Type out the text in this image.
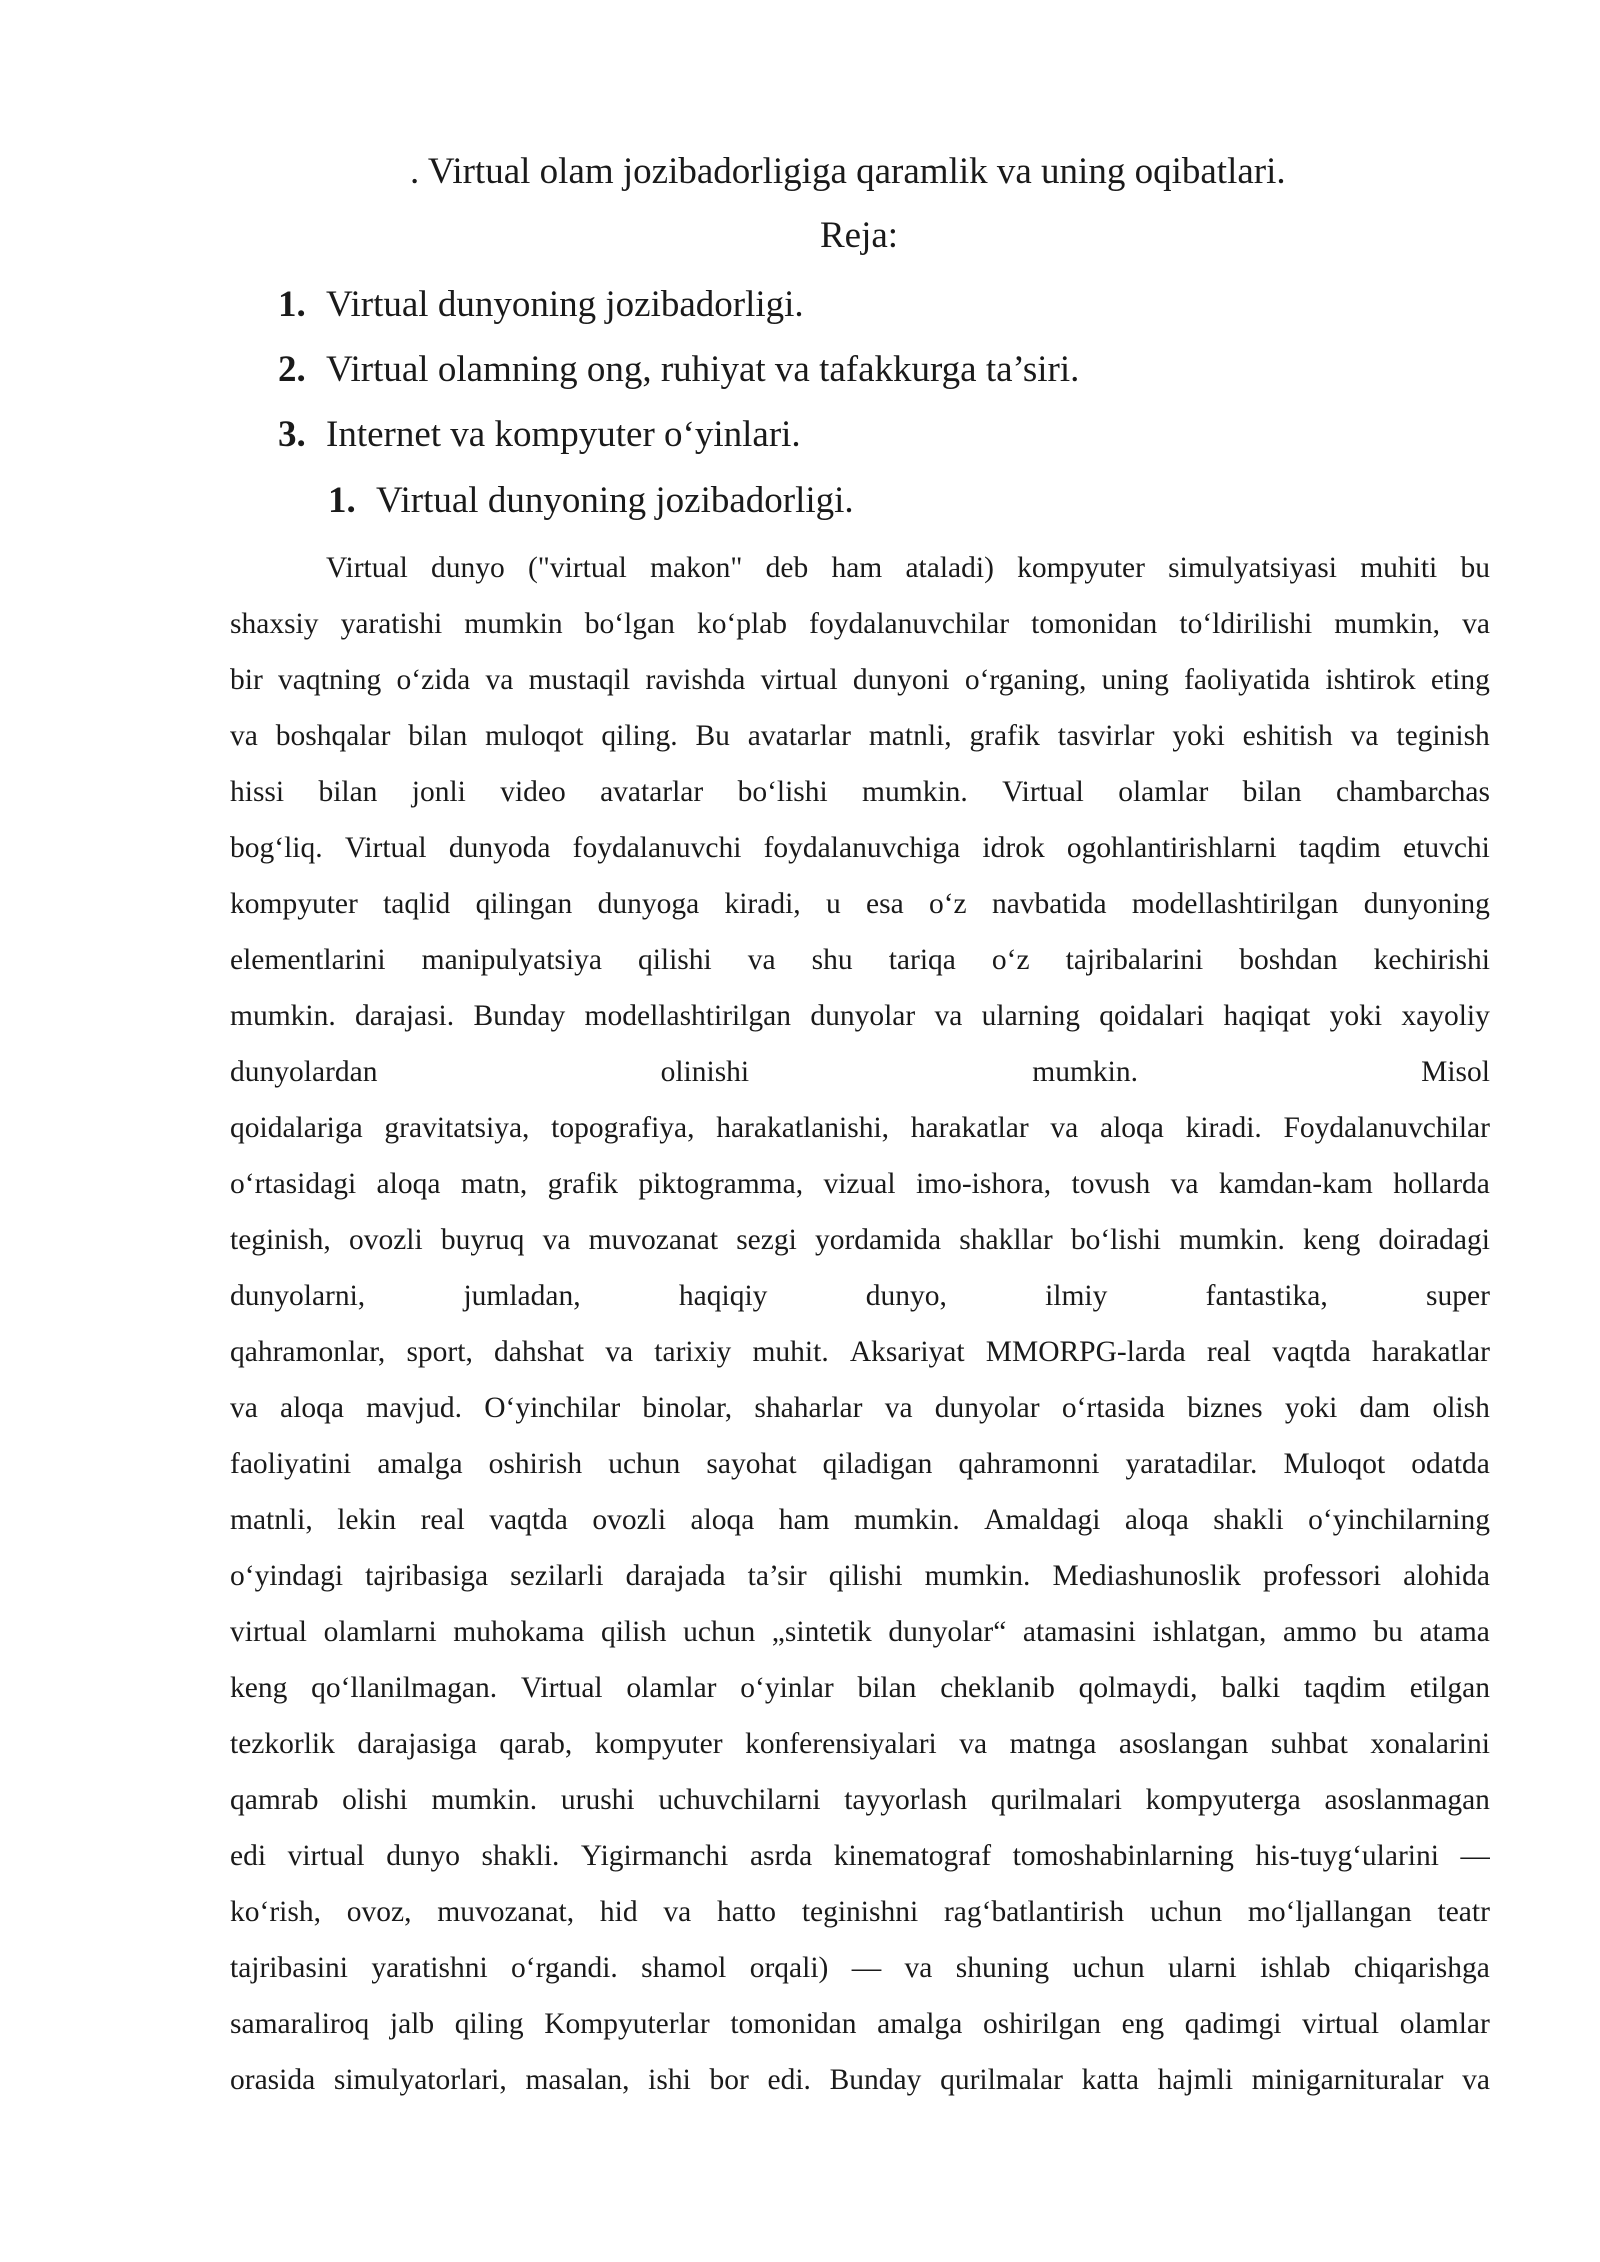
. Virtual olam jozibadorligiga qaramlik va uning oqibatlari.
Reja:
1. Virtual dunyoning jozibadorligi.
2. Virtual olamning ong, ruhiyat va tafakkurga ta’siri.
3. Internet va kompyuter o‘yinlari.
1. Virtual dunyoning jozibadorligi.
Virtual dunyo ("virtual makon" deb ham ataladi) kompyuter simulyatsiyasi muhiti bu
shaxsiy yaratishi mumkin bo‘lgan ko‘plab foydalanuvchilar tomonidan to‘ldirilishi mumkin, va
bir vaqtning o‘zida va mustaqil ravishda virtual dunyoni o‘rganing, uning faoliyatida ishtirok eting
va boshqalar bilan muloqot qiling. Bu avatarlar matnli, grafik tasvirlar yoki eshitish va teginish
hissi bilan jonli video avatarlar bo‘lishi mumkin. Virtual olamlar bilan chambarchas
bog‘liq. Virtual dunyoda foydalanuvchi foydalanuvchiga idrok ogohlantirishlarni taqdim etuvchi
kompyuter taqlid qilingan dunyoga kiradi, u esa o‘z navbatida modellashtirilgan dunyoning
elementlarini manipulyatsiya qilishi va shu tariqa o‘z tajribalarini boshdan kechirishi
mumkin. darajasi. Bunday modellashtirilgan dunyolar va ularning qoidalari haqiqat yoki xayoliy
dunyolardan	olinishi	mumkin.	Misol
qoidalariga gravitatsiya, topografiya, harakatlanishi, harakatlar va aloqa kiradi. Foydalanuvchilar
o‘rtasidagi aloqa matn, grafik piktogramma, vizual imo-ishora, tovush va kamdan-kam hollarda
teginish, ovozli buyruq va muvozanat sezgi yordamida shakllar bo‘lishi mumkin. keng doiradagi
dunyolarni,	jumladan,	haqiqiy	dunyo,	ilmiy	fantastika,	super
qahramonlar, sport, dahshat va tarixiy muhit. Aksariyat MMORPG-larda real vaqtda harakatlar
va aloqa mavjud. O‘yinchilar binolar, shaharlar va dunyolar o‘rtasida biznes yoki dam olish
faoliyatini amalga oshirish uchun sayohat qiladigan qahramonni yaratadilar. Muloqot odatda
matnli, lekin real vaqtda ovozli aloqa ham mumkin. Amaldagi aloqa shakli o‘yinchilarning
o‘yindagi tajribasiga sezilarli darajada ta’sir qilishi mumkin. Mediashunoslik professori alohida
virtual olamlarni muhokama qilish uchun „sintetik dunyolar“ atamasini ishlatgan, ammo bu atama
keng qo‘llanilmagan. Virtual olamlar o‘yinlar bilan cheklanib qolmaydi, balki taqdim etilgan
tezkorlik darajasiga qarab, kompyuter konferensiyalari va matnga asoslangan suhbat xonalarini
qamrab olishi mumkin. urushi uchuvchilarni tayyorlash qurilmalari kompyuterga asoslanmagan
edi virtual dunyo shakli. Yigirmanchi asrda kinematograf tomoshabinlarning his-tuyg‘ularini —
ko‘rish, ovoz, muvozanat, hid va hatto teginishni rag‘batlantirish uchun mo‘ljallangan teatr
tajribasini yaratishni o‘rgandi. shamol orqali) — va shuning uchun ularni ishlab chiqarishga
samaraliroq jalb qiling Kompyuterlar tomonidan amalga oshirilgan eng qadimgi virtual olamlar
orasida simulyatorlari, masalan, ishi bor edi. Bunday qurilmalar katta hajmli minigarnituralar va
